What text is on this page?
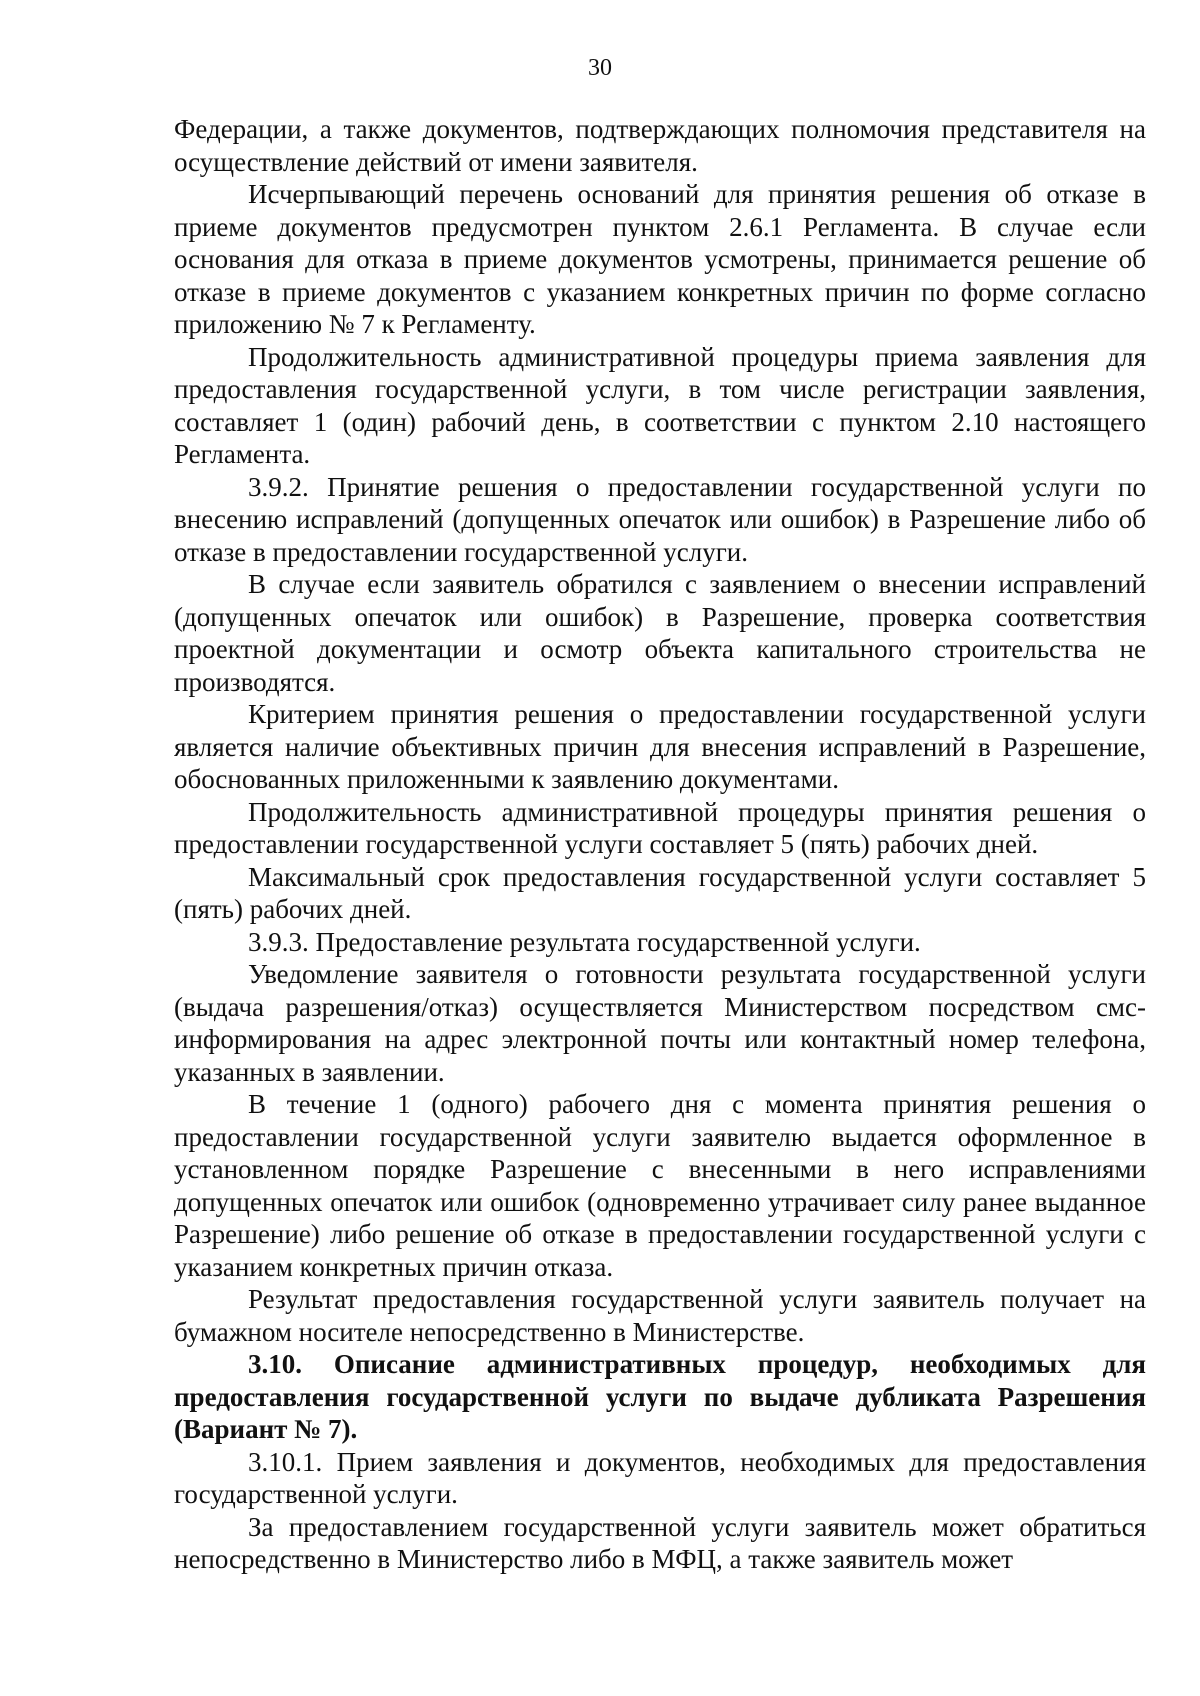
30

Федерации, а также документов, подтверждающих полномочия представителя на осуществление действий от имени заявителя.

Исчерпывающий перечень оснований для принятия решения об отказе в приеме документов предусмотрен пунктом 2.6.1 Регламента. В случае если основания для отказа в приеме документов усмотрены, принимается решение об отказе в приеме документов с указанием конкретных причин по форме согласно приложению № 7 к Регламенту.

Продолжительность административной процедуры приема заявления для предоставления государственной услуги, в том числе регистрации заявления, составляет 1 (один) рабочий день, в соответствии с пунктом 2.10 настоящего Регламента.

3.9.2. Принятие решения о предоставлении государственной услуги по внесению исправлений (допущенных опечаток или ошибок) в Разрешение либо об отказе в предоставлении государственной услуги.

В случае если заявитель обратился с заявлением о внесении исправлений (допущенных опечаток или ошибок) в Разрешение, проверка соответствия проектной документации и осмотр объекта капитального строительства не производятся.

Критерием принятия решения о предоставлении государственной услуги является наличие объективных причин для внесения исправлений в Разрешение, обоснованных приложенными к заявлению документами.

Продолжительность административной процедуры принятия решения о предоставлении государственной услуги составляет 5 (пять) рабочих дней.

Максимальный срок предоставления государственной услуги составляет 5 (пять) рабочих дней.

3.9.3. Предоставление результата государственной услуги.

Уведомление заявителя о готовности результата государственной услуги (выдача разрешения/отказ) осуществляется Министерством посредством смс-информирования на адрес электронной почты или контактный номер телефона, указанных в заявлении.

В течение 1 (одного) рабочего дня с момента принятия решения о предоставлении государственной услуги заявителю выдается оформленное в установленном порядке Разрешение с внесенными в него исправлениями допущенных опечаток или ошибок (одновременно утрачивает силу ранее выданное Разрешение) либо решение об отказе в предоставлении государственной услуги с указанием конкретных причин отказа.

Результат предоставления государственной услуги заявитель получает на бумажном носителе непосредственно в Министерстве.

3.10. Описание административных процедур, необходимых для предоставления государственной услуги по выдаче дубликата Разрешения (Вариант № 7).

3.10.1. Прием заявления и документов, необходимых для предоставления государственной услуги.

За предоставлением государственной услуги заявитель может обратиться непосредственно в Министерство либо в МФЦ, а также заявитель может
